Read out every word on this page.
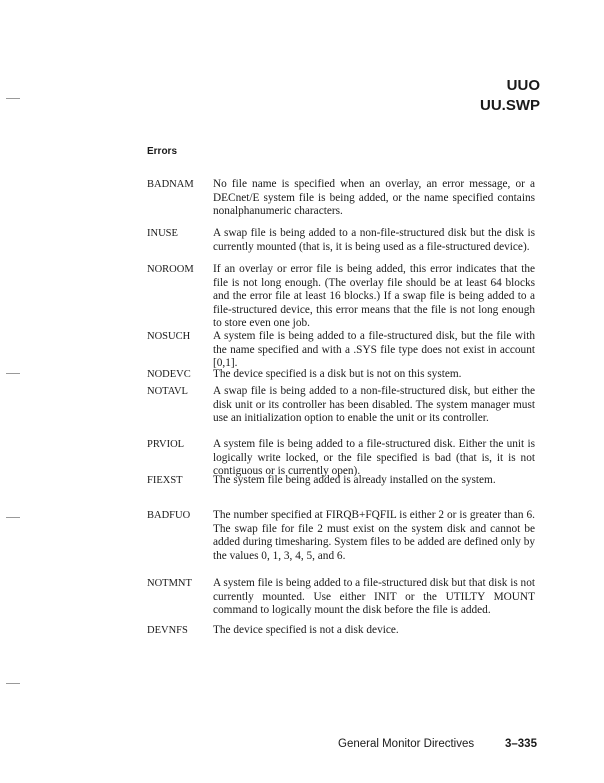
UUO
UU.SWP
Errors
BADNAM	No file name is specified when an overlay, an error message, or a DECnet/E system file is being added, or the name specified contains nonalphanumeric characters.
INUSE	A swap file is being added to a non-file-structured disk but the disk is currently mounted (that is, it is being used as a file-structured device).
NOROOM	If an overlay or error file is being added, this error indicates that the file is not long enough. (The overlay file should be at least 64 blocks and the error file at least 16 blocks.) If a swap file is being added to a file-structured device, this error means that the file is not long enough to store even one job.
NOSUCH	A system file is being added to a file-structured disk, but the file with the name specified and with a .SYS file type does not exist in account [0,1].
NODEVC	The device specified is a disk but is not on this system.
NOTAVL	A swap file is being added to a non-file-structured disk, but either the disk unit or its controller has been disabled. The system manager must use an initialization option to enable the unit or its controller.
PRVIOL	A system file is being added to a file-structured disk. Either the unit is logically write locked, or the file specified is bad (that is, it is not contiguous or is currently open).
FIEXST	The system file being added is already installed on the system.
BADFUO	The number specified at FIRQB+FQFIL is either 2 or is greater than 6. The swap file for file 2 must exist on the system disk and cannot be added during timesharing. System files to be added are defined only by the values 0, 1, 3, 4, 5, and 6.
NOTMNT	A system file is being added to a file-structured disk but that disk is not currently mounted. Use either INIT or the UTILTY MOUNT command to logically mount the disk before the file is added.
DEVNFS	The device specified is not a disk device.
General Monitor Directives	3–335
